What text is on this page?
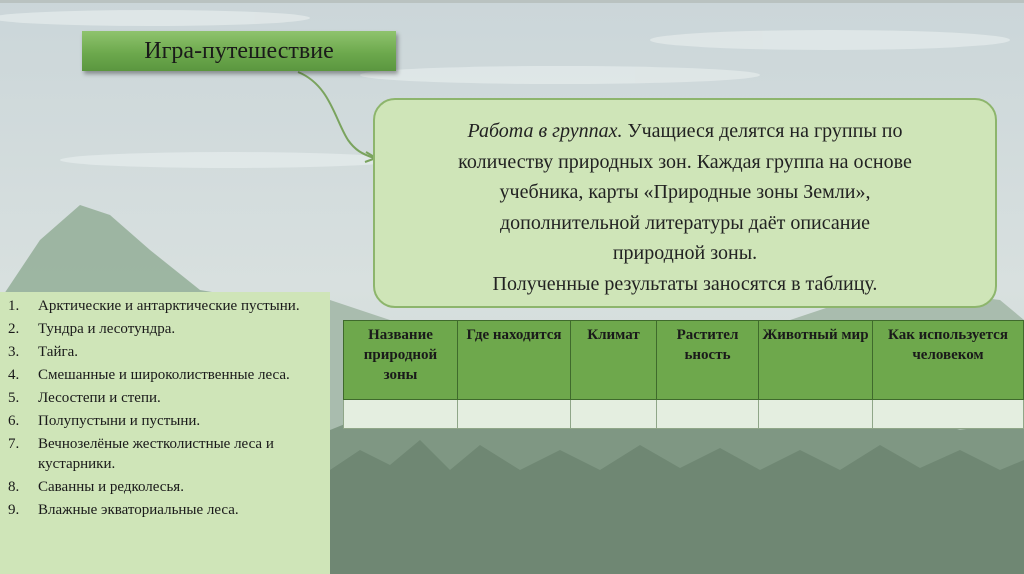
Игра-путешествие
Работа в группах. Учащиеся делятся на группы по
количеству природных зон. Каждая группа на основе
учебника, карты «Природные зоны Земли»,
дополнительной литературы даёт описание
природной зоны.
Полученные результаты заносятся в таблицу.
1.	Арктические и антарктические пустыни.
2.	Тундра и лесотундра.
3.	Тайга.
4.	Смешанные и широколиственные леса.
5.	Лесостепи и степи.
6.	Полупустыни и пустыни.
7.	Вечнозелёные жестколистные леса и кустарники.
8.	Саванны и редколесья.
9.	Влажные экваториальные леса.
Название природной зоны	Где находится	Климат	Растител ьность	Животный мир	Как используется человеком
